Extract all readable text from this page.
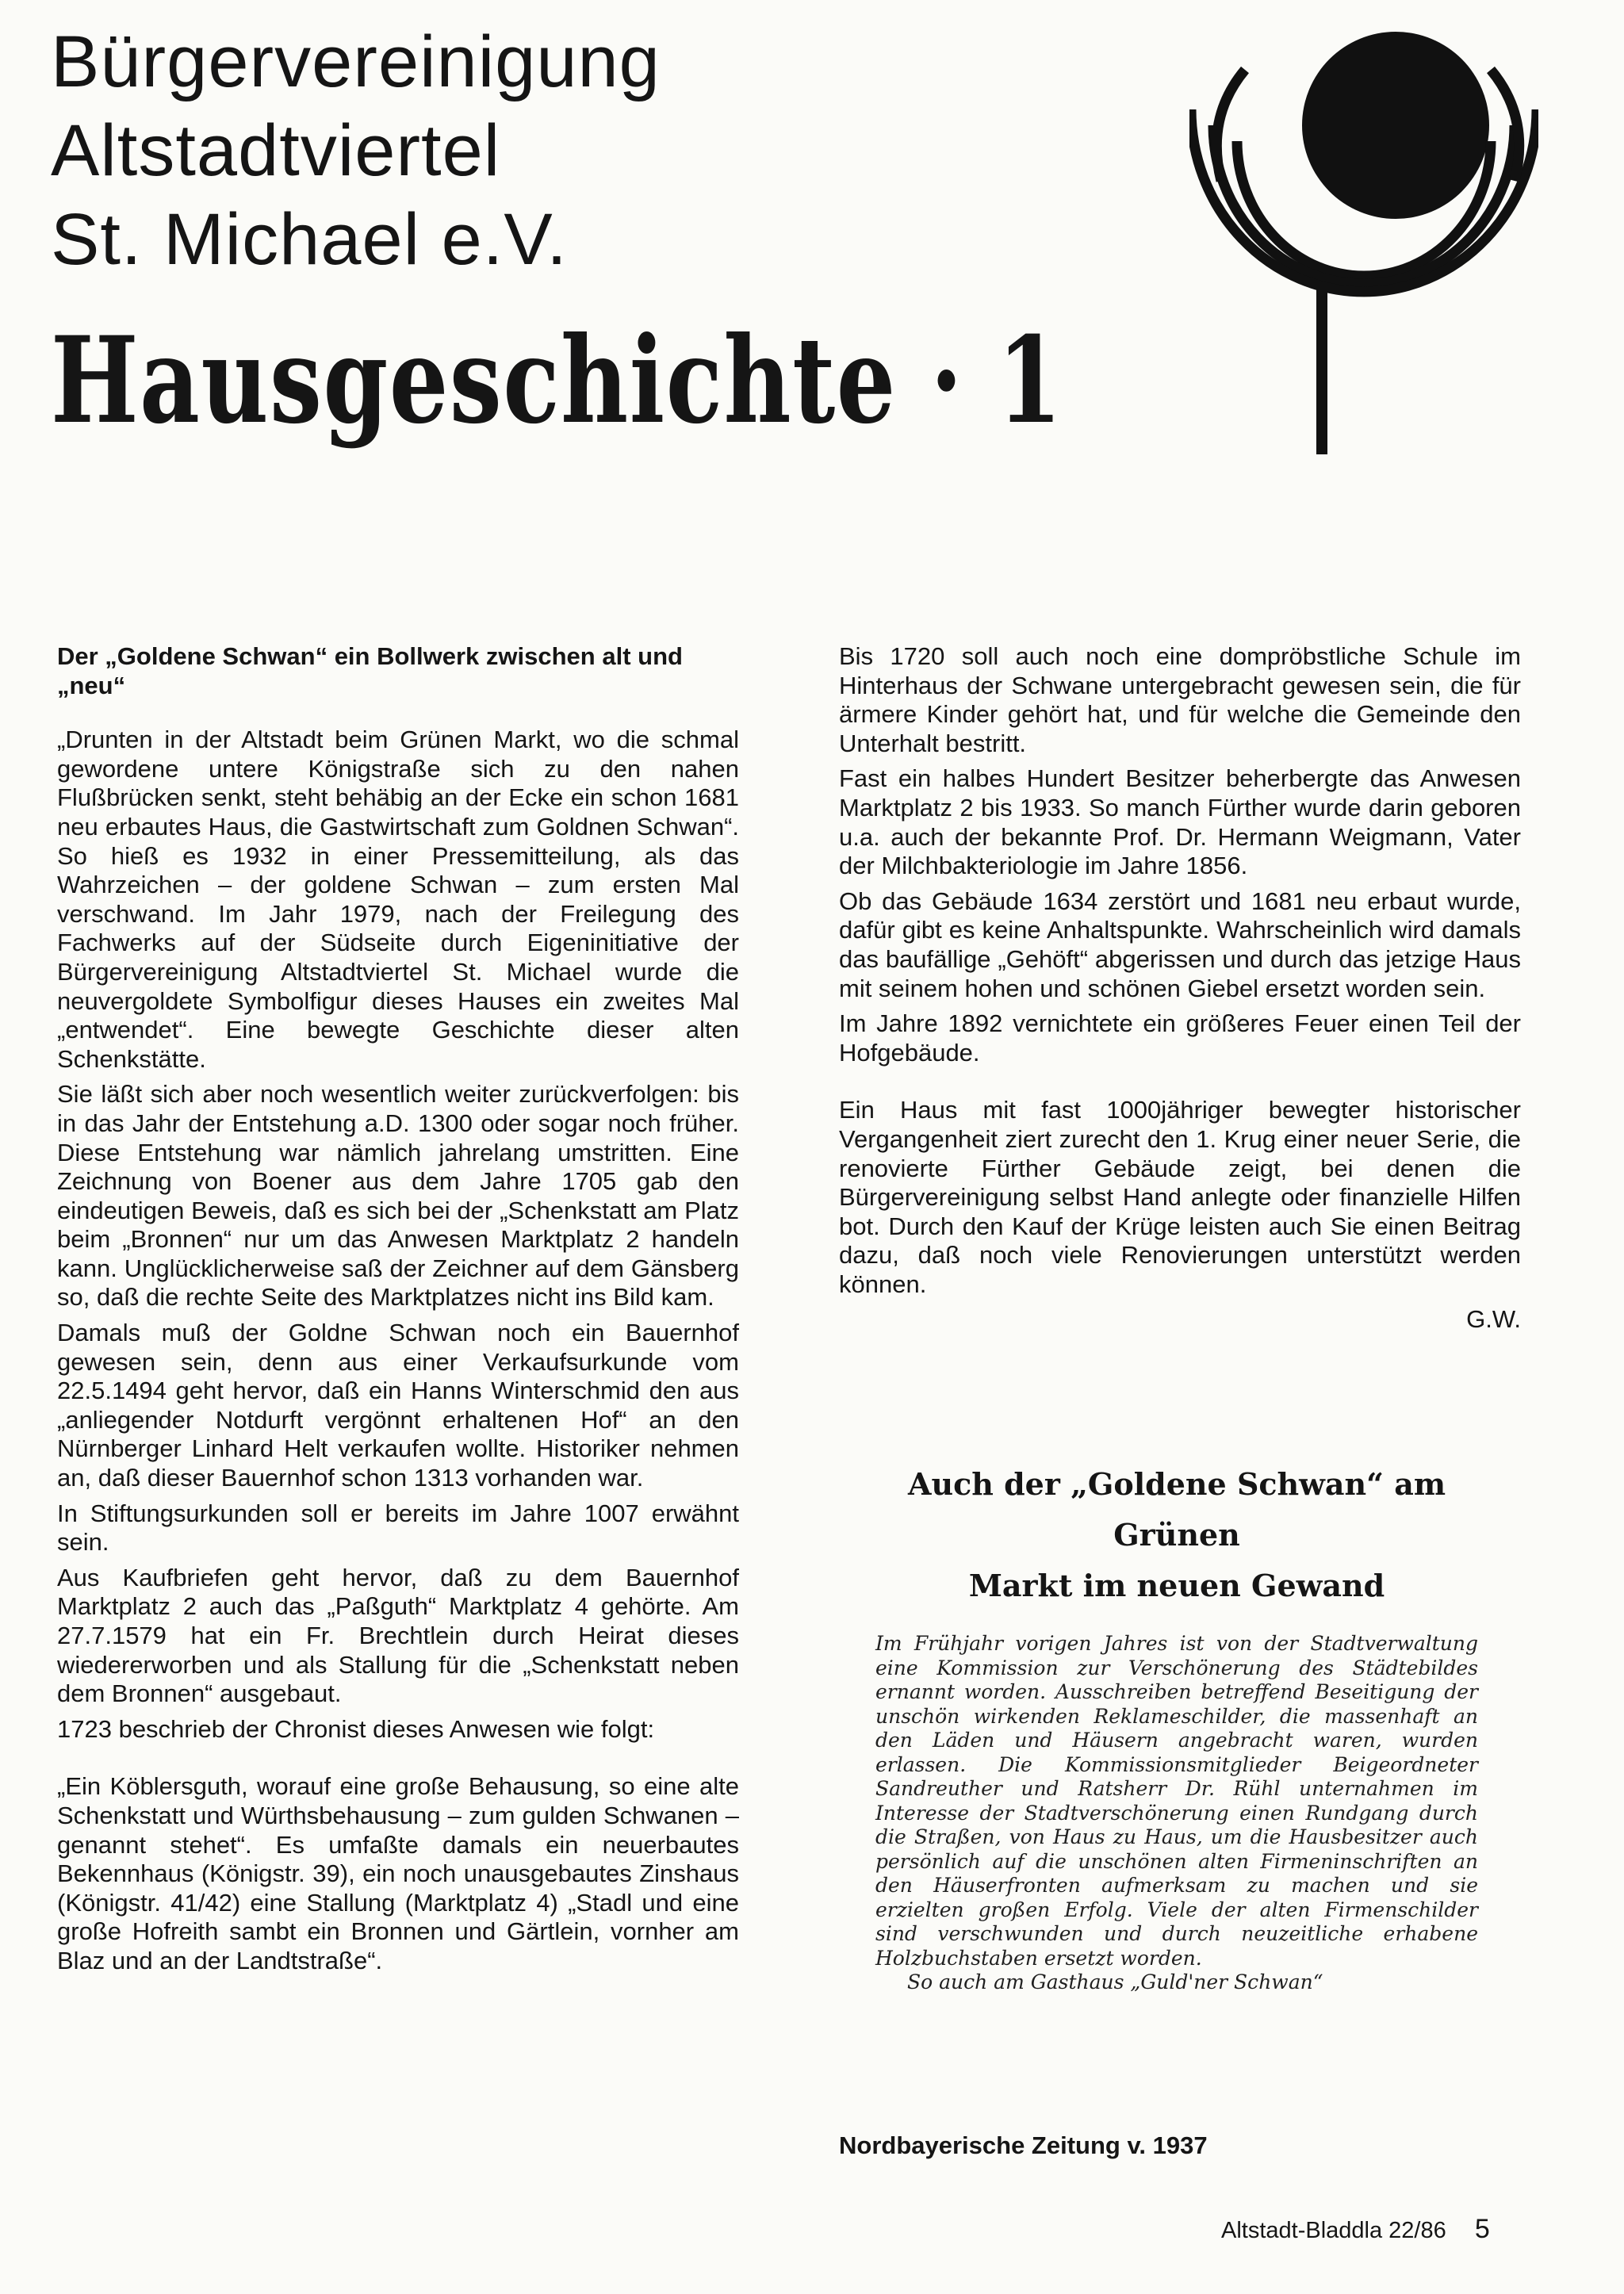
Bürgervereinigung
Altstadtviertel
St. Michael e.V.
Hausgeschichte · 1

Der „Goldene Schwan“ ein Bollwerk zwischen alt und „neu“

„Drunten in der Altstadt beim Grünen Markt, wo die schmal gewordene untere Königstraße sich zu den nahen Flußbrücken senkt, steht behäbig an der Ecke ein schon 1681 neu erbautes Haus, die Gastwirtschaft zum Goldnen Schwan“. So hieß es 1932 in einer Pressemitteilung, als das Wahrzeichen – der goldene Schwan – zum ersten Mal verschwand. Im Jahr 1979, nach der Freilegung des Fachwerks auf der Südseite durch Eigeninitiative der Bürgervereinigung Altstadtviertel St. Michael wurde die neuvergoldete Symbolfigur dieses Hauses ein zweites Mal „entwendet“. Eine bewegte Geschichte dieser alten Schenkstätte.

Sie läßt sich aber noch wesentlich weiter zurückverfolgen: bis in das Jahr der Entstehung a.D. 1300 oder sogar noch früher. Diese Entstehung war nämlich jahrelang umstritten. Eine Zeichnung von Boener aus dem Jahre 1705 gab den eindeutigen Beweis, daß es sich bei der „Schenkstatt am Platz beim „Bronnen“ nur um das Anwesen Marktplatz 2 handeln kann. Unglücklicherweise saß der Zeichner auf dem Gänsberg so, daß die rechte Seite des Marktplatzes nicht ins Bild kam.

Damals muß der Goldne Schwan noch ein Bauernhof gewesen sein, denn aus einer Verkaufsurkunde vom 22.5.1494 geht hervor, daß ein Hanns Winterschmid den aus „anliegender Notdurft vergönnt erhaltenen Hof“ an den Nürnberger Linhard Helt verkaufen wollte. Historiker nehmen an, daß dieser Bauernhof schon 1313 vorhanden war.

In Stiftungsurkunden soll er bereits im Jahre 1007 erwähnt sein.

Aus Kaufbriefen geht hervor, daß zu dem Bauernhof Marktplatz 2 auch das „Paßguth“ Marktplatz 4 gehörte. Am 27.7.1579 hat ein Fr. Brechtlein durch Heirat dieses wiedererworben und als Stallung für die „Schenkstatt neben dem Bronnen“ ausgebaut.

1723 beschrieb der Chronist dieses Anwesen wie folgt:

„Ein Köblersguth, worauf eine große Behausung, so eine alte Schenkstatt und Würthsbehausung – zum gulden Schwanen – genannt stehet“. Es umfaßte damals ein neuerbautes Bekennhaus (Königstr. 39), ein noch unausgebautes Zinshaus (Königstr. 41/42) eine Stallung (Marktplatz 4) „Stadl und eine große Hofreith sambt ein Bronnen und Gärtlein, vornher am Blaz und an der Landtstraße“.

Bis 1720 soll auch noch eine dompröbstliche Schule im Hinterhaus der Schwane untergebracht gewesen sein, die für ärmere Kinder gehört hat, und für welche die Gemeinde den Unterhalt bestritt.

Fast ein halbes Hundert Besitzer beherbergte das Anwesen Marktplatz 2 bis 1933. So manch Fürther wurde darin geboren u.a. auch der bekannte Prof. Dr. Hermann Weigmann, Vater der Milchbakteriologie im Jahre 1856.

Ob das Gebäude 1634 zerstört und 1681 neu erbaut wurde, dafür gibt es keine Anhaltspunkte. Wahrscheinlich wird damals das baufällige „Gehöft“ abgerissen und durch das jetzige Haus mit seinem hohen und schönen Giebel ersetzt worden sein.

Im Jahre 1892 vernichtete ein größeres Feuer einen Teil der Hofgebäude.

Ein Haus mit fast 1000jähriger bewegter historischer Vergangenheit ziert zurecht den 1. Krug einer neuer Serie, die renovierte Fürther Gebäude zeigt, bei denen die Bürgervereinigung selbst Hand anlegte oder finanzielle Hilfen bot. Durch den Kauf der Krüge leisten auch Sie einen Beitrag dazu, daß noch viele Renovierungen unterstützt werden können.

G.W.

Auch der „Goldene Schwan“ am Grünen
Markt im neuen Gewand

Im Frühjahr vorigen Jahres ist von der Stadtverwaltung eine Kommission zur Verschönerung des Städtebildes ernannt worden. Ausschreiben betreffend Beseitigung der unschön wirkenden Reklameschilder, die massenhaft an den Läden und Häusern angebracht waren, wurden erlassen. Die Kommissionsmitglieder Beigeordneter Sandreuther und Ratsherr Dr. Rühl unternahmen im Interesse der Stadtverschönerung einen Rundgang durch die Straßen, von Haus zu Haus, um die Hausbesitzer auch persönlich auf die unschönen alten Firmeninschriften an den Häuserfronten aufmerksam zu machen und sie erzielten großen Erfolg. Viele der alten Firmenschilder sind verschwunden und durch neuzeitliche erhabene Holzbuchstaben ersetzt worden.

So auch am Gasthaus „Guld'ner Schwan“

Nordbayerische Zeitung v. 1937

Altstadt-Bladdla 22/86 5
